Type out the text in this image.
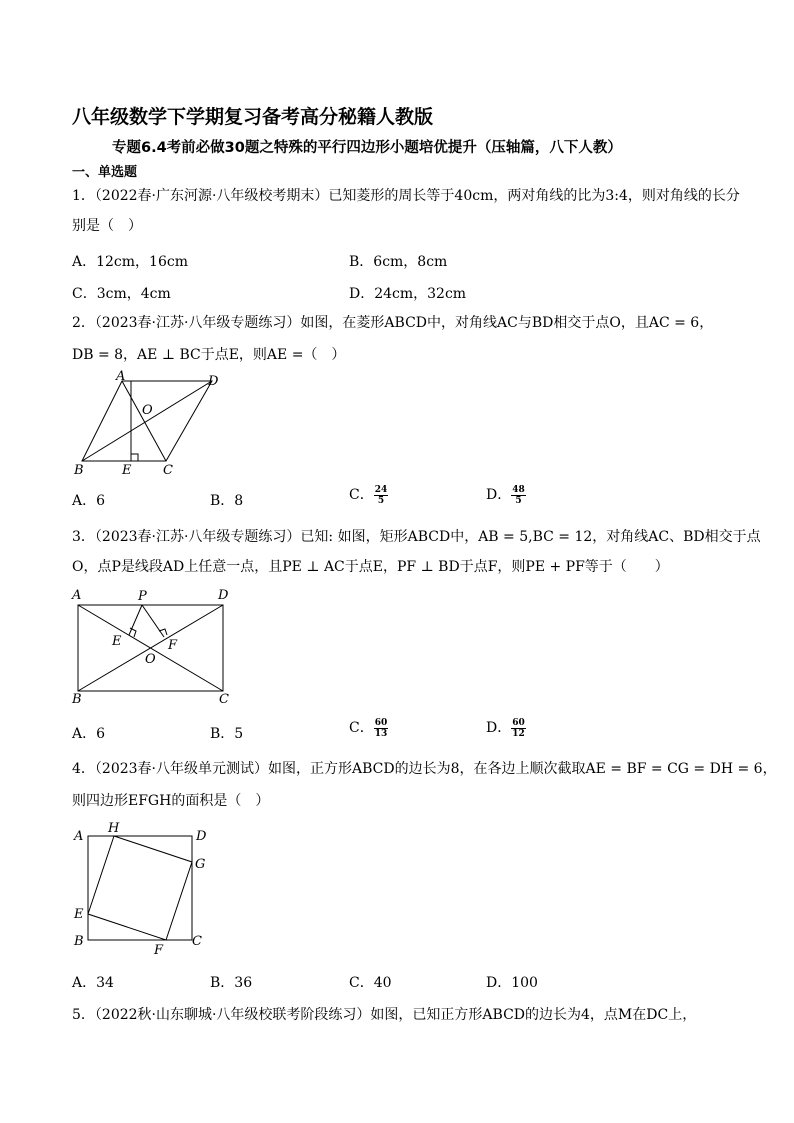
八年级数学下学期复习备考高分秘籍人教版
专题6.4考前必做30题之特殊的平行四边形小题培优提升（压轴篇，八下人教）
一、单选题
1．（2022春·广东河源·八年级校考期末）已知菱形的周长等于40cm，两对角线的比为3:4，则对角线的长分
别是（　）
A．12cm，16cm	B．6cm，8cm
C．3cm，4cm	D．24cm，32cm
2．（2023春·江苏·八年级专题练习）如图，在菱形ABCD中，对角线AC与BD相交于点O，且AC = 6，
DB = 8，AE ⊥ BC于点E，则AE =（　）
A	D
O
B	E C
A．6	B．8	C． $\frac{24}{5}$	D． $\frac{48}{5}$
3．（2023春·江苏·八年级专题练习）已知: 如图，矩形ABCD中，AB = 5,BC = 12，对角线AC、BD相交于点
O，点P是线段AD上任意一点，且PE ⊥ AC于点E，PF ⊥ BD于点F，则PE + PF等于（　　）
A	P	D
E	F
O
B	C
A．6	B．5	C． $\frac{60}{13}$	D． $\frac{60}{12}$
4．（2023春·八年级单元测试）如图，正方形ABCD的边长为8，在各边上顺次截取AE = BF = CG = DH = 6，
则四边形EFGH的面积是（　）
A
H
D
G
E
B
F
C
A．34	B．36	C．40	D．100
5．（2022秋·山东聊城·八年级校联考阶段练习）如图，已知正方形ABCD的边长为4，点M在DC上，
